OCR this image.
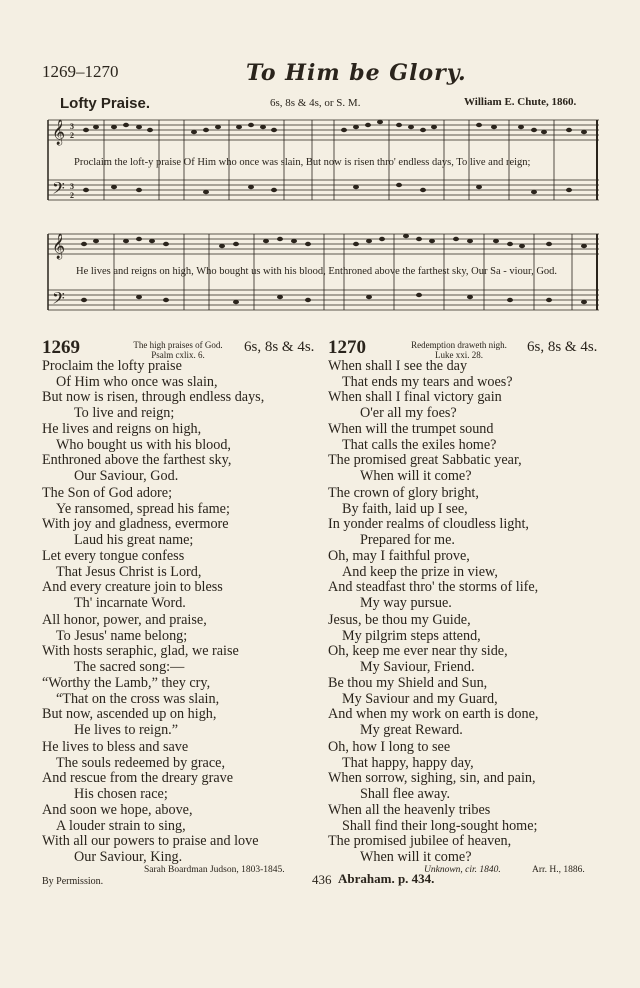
1269–1270	To Him be Glory.
Lofty Praise.	6s, 8s & 4s, or S. M.	William E. Chute, 1860.
𝄞
𝄢
3
2
3
2
Proclaim the loft-y praise Of Him who once was slain, But now is risen thro' endless days, To live and reign;
𝄞
𝄢
He lives and reigns on high, Who bought us with his blood, Enthroned above the farthest sky, Our Sa - viour, God.
1269	The high praises of God.
Psalm cxlix. 6.	6s, 8s & 4s. 1270	Redemption draweth nigh.
Luke xxi. 28.	6s, 8s & 4s.
Proclaim the lofty praise
Of Him who once was slain,
But now is risen, through endless days,
To live and reign;
He lives and reigns on high,
Who bought us with his blood,
Enthroned above the farthest sky,
Our Saviour, God.
The Son of God adore;
Ye ransomed, spread his fame;
With joy and gladness, evermore
Laud his great name;
Let every tongue confess
That Jesus Christ is Lord,
And every creature join to bless
Th' incarnate Word.
All honor, power, and praise,
To Jesus' name belong;
With hosts seraphic, glad, we raise
The sacred song:—
“Worthy the Lamb,” they cry,
“That on the cross was slain,
But now, ascended up on high,
He lives to reign.”
He lives to bless and save
The souls redeemed by grace,
And rescue from the dreary grave
His chosen race;
And soon we hope, above,
A louder strain to sing,
With all our powers to praise and love
Our Saviour, King.
Sarah Boardman Judson, 1803-1845.
When shall I see the day
That ends my tears and woes?
When shall I final victory gain
O'er all my foes?
When will the trumpet sound
That calls the exiles home?
The promised great Sabbatic year,
When will it come?
The crown of glory bright,
By faith, laid up I see,
In yonder realms of cloudless light,
Prepared for me.
Oh, may I faithful prove,
And keep the prize in view,
And steadfast thro' the storms of life,
My way pursue.
Jesus, be thou my Guide,
My pilgrim steps attend,
Oh, keep me ever near thy side,
My Saviour, Friend.
Be thou my Shield and Sun,
My Saviour and my Guard,
And when my work on earth is done,
My great Reward.
Oh, how I long to see
That happy, happy day,
When sorrow, sighing, sin, and pain,
Shall flee away.
When all the heavenly tribes
Shall find their long-sought home;
The promised jubilee of heaven,
When will it come?
Unknown, cir. 1840.	Arr. H., 1886.
By Permission.	436 Abraham. p. 434.
